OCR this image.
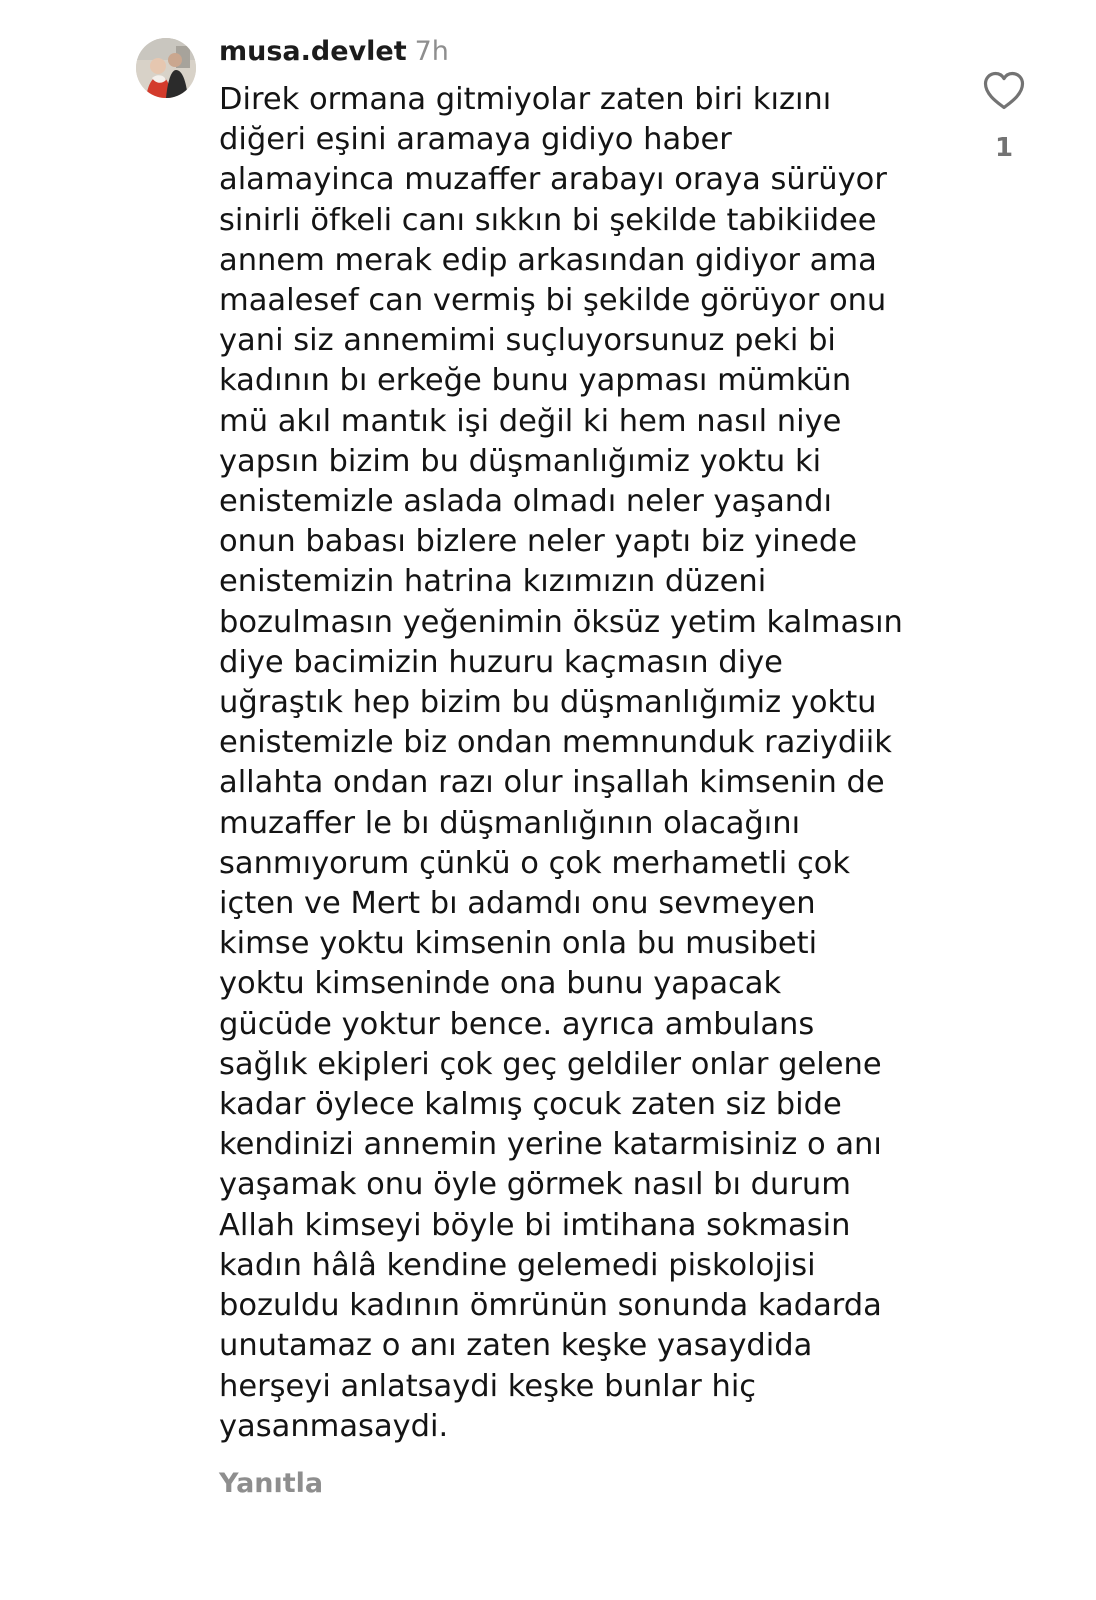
musa.devlet 7h

Direk ormana gitmiyolar zaten biri kızını
diğeri eşini aramaya gidiyo haber
alamayinca muzaffer arabayı oraya sürüyor
sinirli öfkeli canı sıkkın bi şekilde tabikiidee
annem merak edip arkasından gidiyor ama
maalesef can vermiş bi şekilde görüyor onu
yani siz annemimi suçluyorsunuz peki bi
kadının bı erkeğe bunu yapması mümkün
mü akıl mantık işi değil ki hem nasıl niye
yapsın bizim bu düşmanlığımiz yoktu ki
enistemizle aslada olmadı neler yaşandı
onun babası bizlere neler yaptı biz yinede
enistemizin hatrina kızımızın düzeni
bozulmasın yeğenimin öksüz yetim kalmasın
diye bacimizin huzuru kaçmasın diye
uğraştık hep bizim bu düşmanlığımiz yoktu
enistemizle biz ondan memnunduk raziydiik
allahta ondan razı olur inşallah kimsenin de
muzaffer le bı düşmanlığının olacağını
sanmıyorum çünkü o çok merhametli çok
içten ve Mert bı adamdı onu sevmeyen
kimse yoktu kimsenin onla bu musibeti
yoktu kimseninde ona bunu yapacak
gücüde yoktur bence. ayrıca ambulans
sağlık ekipleri çok geç geldiler onlar gelene
kadar öylece kalmış çocuk zaten siz bide
kendinizi annemin yerine katarmisiniz o anı
yaşamak onu öyle görmek nasıl bı durum
Allah kimseyi böyle bi imtihana sokmasin
kadın hâlâ kendine gelemedi piskolojisi
bozuldu kadının ömrünün sonunda kadarda
unutamaz o anı zaten keşke yasaydida
herşeyi anlatsaydi keşke bunlar hiç
yasanmasaydi.

1
Yanıtla
